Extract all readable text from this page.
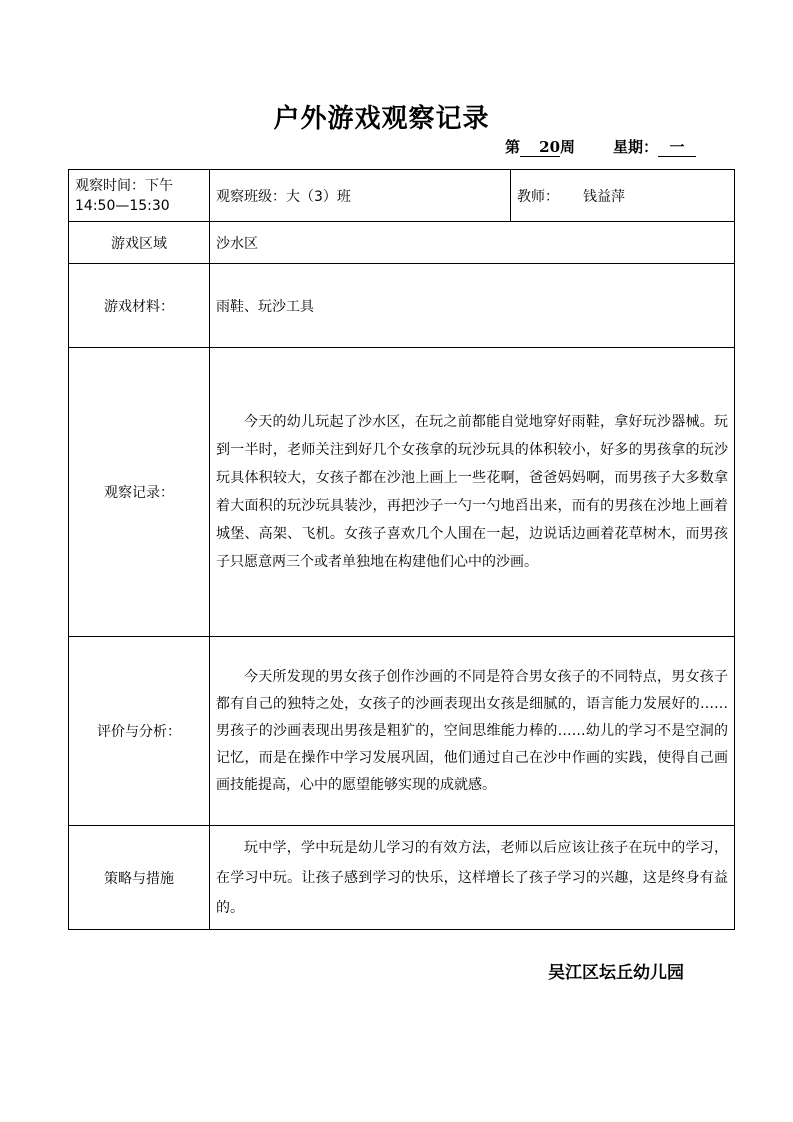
户外游戏观察记录
第 20周	星期： 一
观察时间：下午14:50—15:30	观察班级：大（3）班	教师： 钱益萍
游戏区域	沙水区	
游戏材料：	雨鞋、玩沙工具	
观察记录：	今天的幼儿玩起了沙水区，在玩之前都能自觉地穿好雨鞋，拿好玩沙器械。玩到一半时，老师关注到好几个女孩拿的玩沙玩具的体积较小，好多的男孩拿的玩沙玩具体积较大，女孩子都在沙池上画上一些花啊，爸爸妈妈啊，而男孩子大多数拿着大面积的玩沙玩具装沙，再把沙子一勺一勺地舀出来，而有的男孩在沙地上画着城堡、高架、飞机。女孩子喜欢几个人围在一起，边说话边画着花草树木，而男孩子只愿意两三个或者单独地在构建他们心中的沙画。	

评价与分析：	今天所发现的男女孩子创作沙画的不同是符合男女孩子的不同特点，男女孩子都有自己的独特之处，女孩子的沙画表现出女孩是细腻的，语言能力发展好的……男孩子的沙画表现出男孩是粗犷的，空间思维能力棒的……幼儿的学习不是空洞的记忆，而是在操作中学习发展巩固，他们通过自己在沙中作画的实践，使得自己画画技能提高，心中的愿望能够实现的成就感。	

策略与措施	玩中学，学中玩是幼儿学习的有效方法，老师以后应该让孩子在玩中的学习，在学习中玩。让孩子感到学习的快乐，这样增长了孩子学习的兴趣，这是终身有益的。	

吴江区坛丘幼儿园
